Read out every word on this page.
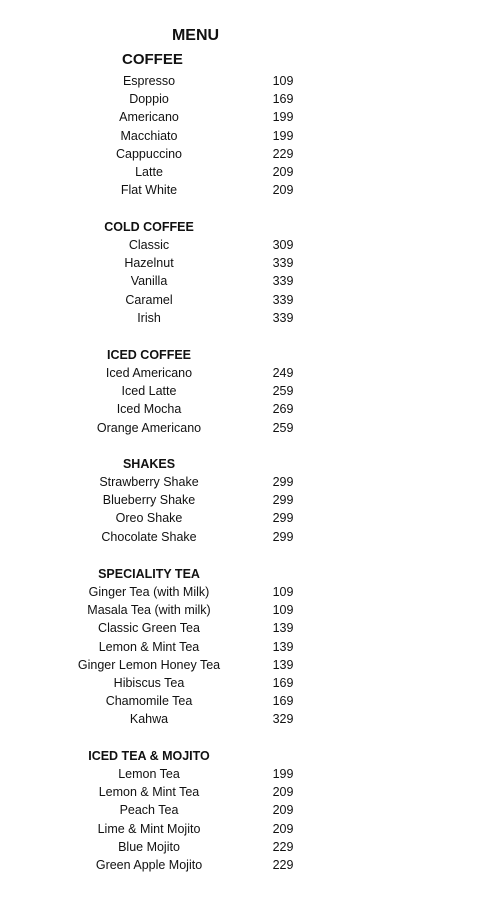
MENU
COFFEE
Espresso	109
Doppio	169
Americano	199
Macchiato	199
Cappuccino	229
Latte	209
Flat White	209
COLD COFFEE
Classic	309
Hazelnut	339
Vanilla	339
Caramel	339
Irish	339
ICED COFFEE
Iced Americano	249
Iced Latte	259
Iced Mocha	269
Orange Americano	259
SHAKES
Strawberry Shake	299
Blueberry Shake	299
Oreo Shake	299
Chocolate Shake	299
SPECIALITY TEA
Ginger Tea (with Milk)	109
Masala Tea (with milk)	109
Classic Green Tea	139
Lemon & Mint Tea	139
Ginger Lemon Honey Tea	139
Hibiscus Tea	169
Chamomile Tea	169
Kahwa	329
ICED TEA & MOJITO
Lemon Tea	199
Lemon & Mint Tea	209
Peach Tea	209
Lime & Mint Mojito	209
Blue Mojito	229
Green Apple Mojito	229
